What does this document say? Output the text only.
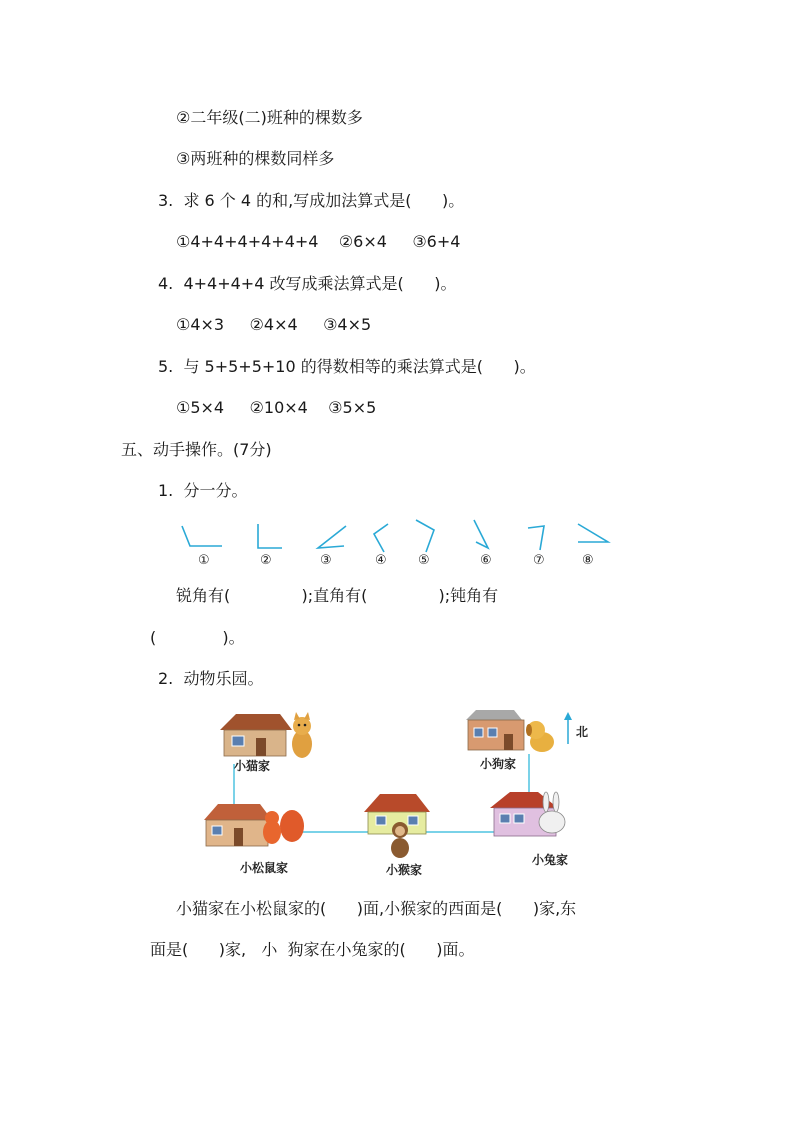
②二年级(二)班种的棵数多
③两班种的棵数同样多
3.  求 6 个 4 的和,写成加法算式是(      )。
①4+4+4+4+4+4    ②6×4     ③6+4
4.  4+4+4+4 改写成乘法算式是(      )。
①4×3     ②4×4     ③4×5
5.  与 5+5+5+10 的得数相等的乘法算式是(      )。
①5×4     ②10×4    ③5×5
五、动手操作。(7分)
1.  分一分。
①	②	③	④ ⑤	⑥	⑦	⑧
锐角有(              );直角有(              );钝角有
(             )。
2.  动物乐园。
小猫家
小松鼠家	小猴家
小狗家
北
小兔家
小猫家在小松鼠家的(      )面,小猴家的西面是(      )家,东
面是(      )家,   小  狗家在小兔家的(      )面。
